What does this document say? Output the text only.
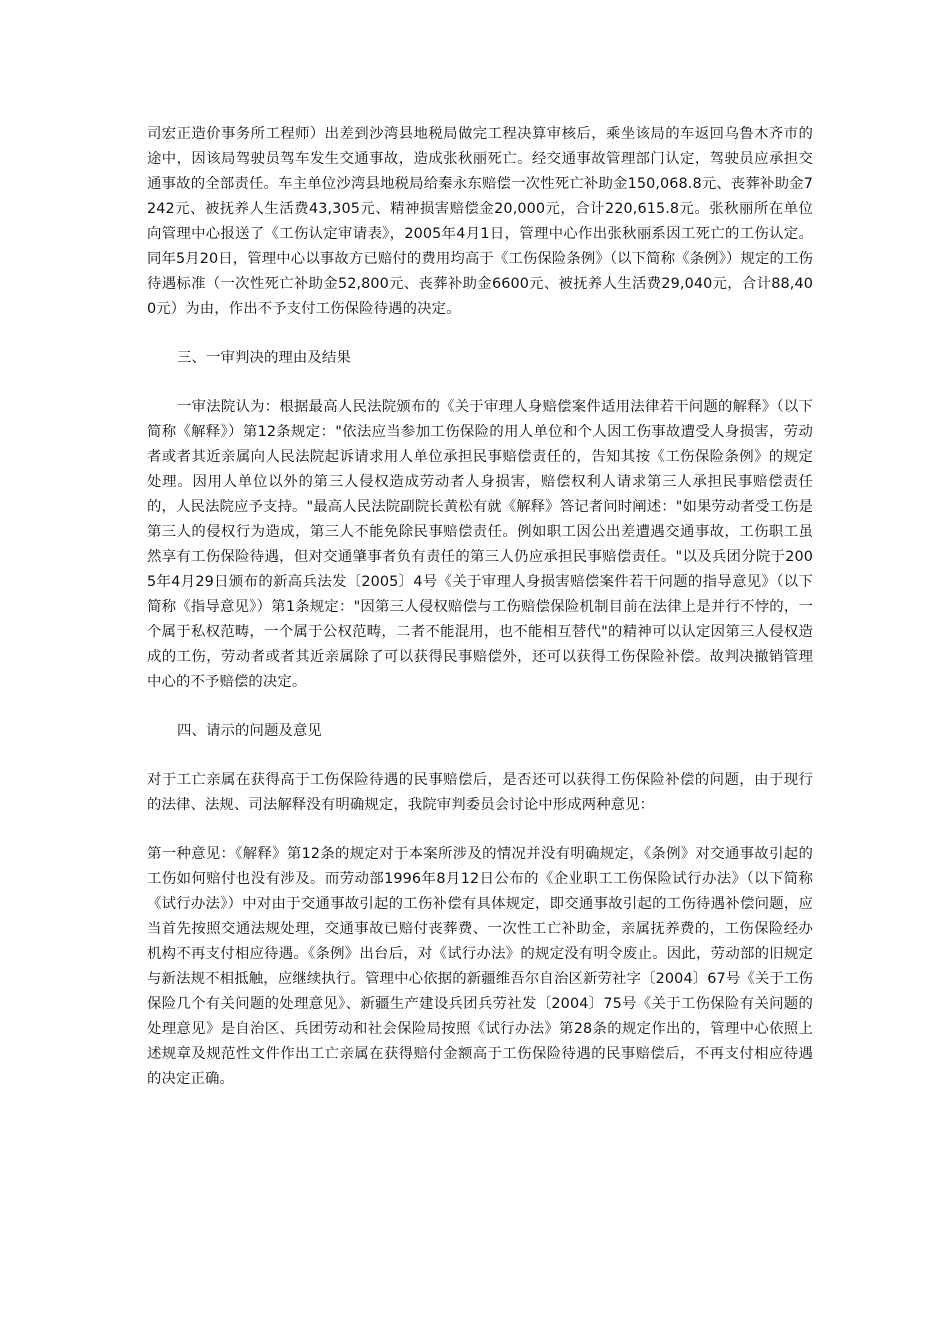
司宏正造价事务所工程师）出差到沙湾县地税局做完工程决算审核后，乘坐该局的车返回乌鲁木齐市的途中，因该局驾驶员驾车发生交通事故，造成张秋丽死亡。经交通事故管理部门认定，驾驶员应承担交通事故的全部责任。车主单位沙湾县地税局给秦永东赔偿一次性死亡补助金150,068.8元、丧葬补助金7242元、被抚养人生活费43,305元、精神损害赔偿金20,000元，合计220,615.8元。张秋丽所在单位向管理中心报送了《工伤认定审请表》，2005年4月1日，管理中心作出张秋丽系因工死亡的工伤认定。同年5月20日，管理中心以事故方已赔付的费用均高于《工伤保险条例》（以下简称《条例》）规定的工伤待遇标准（一次性死亡补助金52,800元、丧葬补助金6600元、被抚养人生活费29,040元，合计88,400元）为由，作出不予支付工伤保险待遇的决定。

三、一审判决的理由及结果

一审法院认为：根据最高人民法院颁布的《关于审理人身赔偿案件适用法律若干问题的解释》（以下简称《解释》）第12条规定："依法应当参加工伤保险的用人单位和个人因工伤事故遭受人身损害，劳动者或者其近亲属向人民法院起诉请求用人单位承担民事赔偿责任的，告知其按《工伤保险条例》的规定处理。因用人单位以外的第三人侵权造成劳动者人身损害，赔偿权利人请求第三人承担民事赔偿责任的，人民法院应予支持。"最高人民法院副院长黄松有就《解释》答记者问时阐述："如果劳动者受工伤是第三人的侵权行为造成，第三人不能免除民事赔偿责任。例如职工因公出差遭遇交通事故，工伤职工虽然享有工伤保险待遇，但对交通肇事者负有责任的第三人仍应承担民事赔偿责任。"以及兵团分院于2005年4月29日颁布的新高兵法发〔2005〕4号《关于审理人身损害赔偿案件若干问题的指导意见》（以下简称《指导意见》）第1条规定："因第三人侵权赔偿与工伤赔偿保险机制目前在法律上是并行不悖的，一个属于私权范畴，一个属于公权范畴，二者不能混用，也不能相互替代"的精神可以认定因第三人侵权造成的工伤，劳动者或者其近亲属除了可以获得民事赔偿外，还可以获得工伤保险补偿。故判决撤销管理中心的不予赔偿的决定。

四、请示的问题及意见

对于工亡亲属在获得高于工伤保险待遇的民事赔偿后，是否还可以获得工伤保险补偿的问题，由于现行的法律、法规、司法解释没有明确规定，我院审判委员会讨论中形成两种意见：

第一种意见：《解释》第12条的规定对于本案所涉及的情况并没有明确规定，《条例》对交通事故引起的工伤如何赔付也没有涉及。而劳动部1996年8月12日公布的《企业职工工伤保险试行办法》（以下简称《试行办法》）中对由于交通事故引起的工伤补偿有具体规定，即交通事故引起的工伤待遇补偿问题，应当首先按照交通法规处理，交通事故已赔付丧葬费、一次性工亡补助金，亲属抚养费的，工伤保险经办机构不再支付相应待遇。《条例》出台后，对《试行办法》的规定没有明令废止。因此，劳动部的旧规定与新法规不相抵触，应继续执行。管理中心依据的新疆维吾尔自治区新劳社字〔2004〕67号《关于工伤保险几个有关问题的处理意见》、新疆生产建设兵团兵劳社发〔2004〕75号《关于工伤保险有关问题的处理意见》是自治区、兵团劳动和社会保险局按照《试行办法》第28条的规定作出的，管理中心依照上述规章及规范性文件作出工亡亲属在获得赔付金额高于工伤保险待遇的民事赔偿后，不再支付相应待遇的决定正确。
